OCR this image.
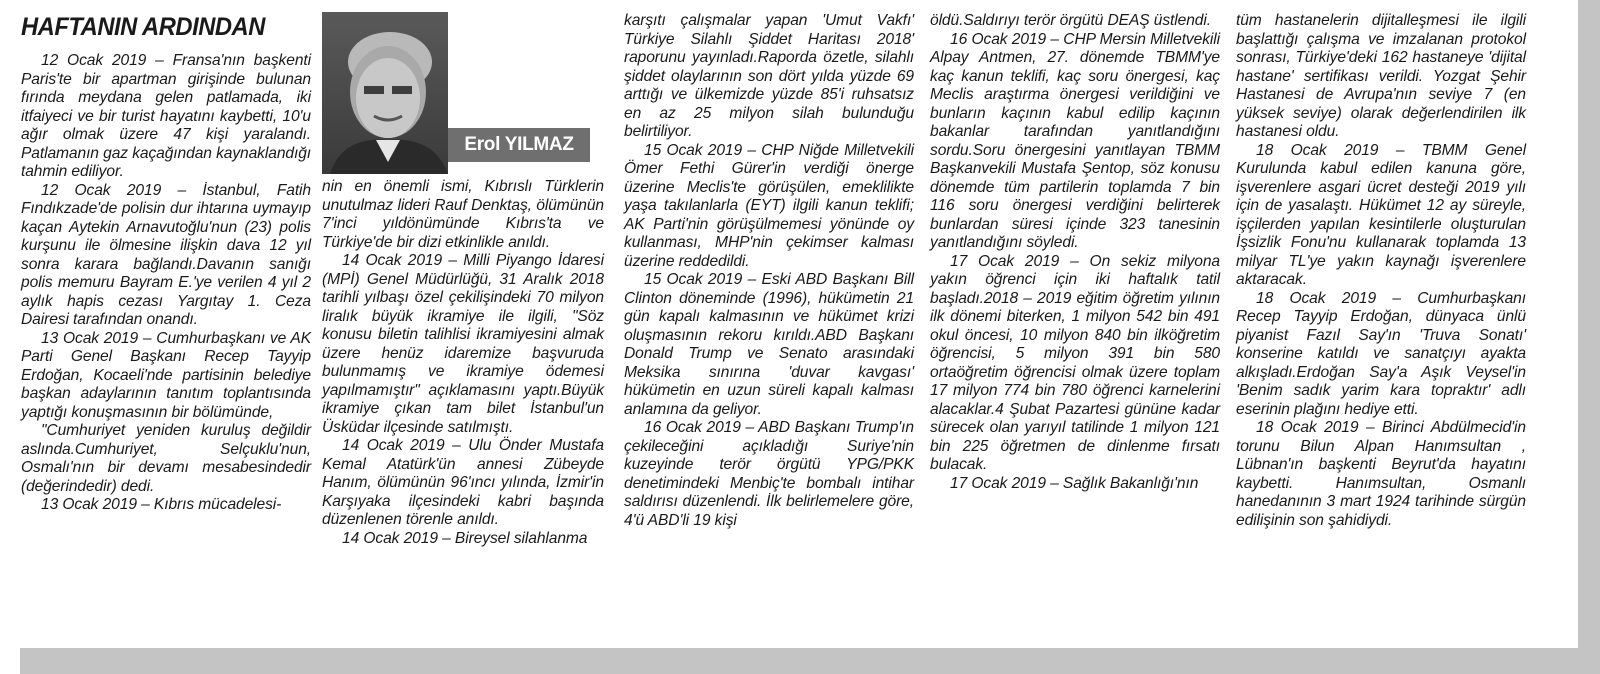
HAFTANIN ARDINDAN

12 Ocak 2019 – Fransa'nın başkenti Paris'te bir apartman girişinde bulunan fırında meydana gelen patlamada, iki itfaiyeci ve bir turist hayatını kaybetti, 10'u ağır olmak üzere 47 kişi yaralandı. Patlamanın gaz kaçağından kaynaklandığı tahmin ediliyor.

12 Ocak 2019 – İstanbul, Fatih Fındıkzade'de polisin dur ihtarına uymayıp kaçan Aytekin Arnavutoğlu'nun (23) polis kurşunu ile ölmesine ilişkin dava 12 yıl sonra karara bağlandı.Davanın sanığı polis memuru Bayram E.'ye verilen 4 yıl 2 aylık hapis cezası Yargıtay 1. Ceza Dairesi tarafından onandı.

13 Ocak 2019 – Cumhurbaşkanı ve AK Parti Genel Başkanı Recep Tayyip Erdoğan, Kocaeli'nde partisinin belediye başkan adaylarının tanıtım toplantısında yaptığı konuşmasının bir bölümünde,

"Cumhuriyet yeniden kuruluş değildir aslında.Cumhuriyet, Selçuklu'nun, Osmalı'nın bir devamı mesabesindedir (değerindedir) dedi.

13 Ocak 2019 – Kıbrıs mücadelesi-

Erol YILMAZ

nin en önemli ismi, Kıbrıslı Türklerin unutulmaz lideri Rauf Denktaş, ölümünün 7'inci yıldönümünde Kıbrıs'ta ve Türkiye'de bir dizi etkinlikle anıldı.

14 Ocak 2019 – Milli Piyango İdaresi (MPİ) Genel Müdürlüğü, 31 Aralık 2018 tarihli yılbaşı özel çekilişindeki 70 milyon liralık büyük ikramiye ile ilgili, "Söz konusu biletin talihlisi ikramiyesini almak üzere henüz idaremize başvuruda bulunmamış ve ikramiye ödemesi yapılmamıştır" açıklamasını yaptı.Büyük ikramiye çıkan tam bilet İstanbul'un Üsküdar ilçesinde satılmıştı.

14 Ocak 2019 – Ulu Önder Mustafa Kemal Atatürk'ün annesi Zübeyde Hanım, ölümünün 96'ıncı yılında, İzmir'in Karşıyaka ilçesindeki kabri başında düzenlenen törenle anıldı.

14 Ocak 2019 – Bireysel silahlanma

karşıtı çalışmalar yapan 'Umut Vakfı' Türkiye Silahlı Şiddet Haritası 2018' raporunu yayınladı.Raporda özetle, silahlı şiddet olaylarının son dört yılda yüzde 69 arttığı ve ülkemizde yüzde 85'i ruhsatsız en az 25 milyon silah bulunduğu belirtiliyor.

15 Ocak 2019 – CHP Niğde Milletvekili Ömer Fethi Gürer'in verdiği önerge üzerine Meclis'te görüşülen, emeklilikte yaşa takılanlarla (EYT) ilgili kanun teklifi; AK Parti'nin görüşülmemesi yönünde oy kullanması, MHP'nin çekimser kalması üzerine reddedildi.

15 Ocak 2019 – Eski ABD Başkanı Bill Clinton döneminde (1996), hükümetin 21 gün kapalı kalmasının ve hükümet krizi oluşmasının rekoru kırıldı.ABD Başkanı Donald Trump ve Senato arasındaki Meksika sınırına 'duvar kavgası' hükümetin en uzun süreli kapalı kalması anlamına da geliyor.

16 Ocak 2019 – ABD Başkanı Trump'ın çekileceğini açıkladığı Suriye'nin kuzeyinde terör örgütü YPG/PKK denetimindeki Menbiç'te bombalı intihar saldırısı düzenlendi. İlk belirlemelere göre, 4'ü ABD'li 19 kişi

öldü.Saldırıyı terör örgütü DEAŞ üstlendi.

16 Ocak 2019 – CHP Mersin Milletvekili Alpay Antmen, 27. dönemde TBMM'ye kaç kanun teklifi, kaç soru önergesi, kaç Meclis araştırma önergesi verildiğini ve bunların kaçının kabul edilip kaçının bakanlar tarafından yanıtlandığını sordu.Soru önergesini yanıtlayan TBMM Başkanvekili Mustafa Şentop, söz konusu dönemde tüm partilerin toplamda 7 bin 116 soru önergesi verdiğini belirterek bunlardan süresi içinde 323 tanesinin yanıtlandığını söyledi.

17 Ocak 2019 – On sekiz milyona yakın öğrenci için iki haftalık tatil başladı.2018 – 2019 eğitim öğretim yılının ilk dönemi biterken, 1 milyon 542 bin 491 okul öncesi, 10 milyon 840 bin ilköğretim öğrencisi, 5 milyon 391 bin 580 ortaöğretim öğrencisi olmak üzere toplam 17 milyon 774 bin 780 öğrenci karnelerini alacaklar.4 Şubat Pazartesi gününe kadar sürecek olan yarıyıl tatilinde 1 milyon 121 bin 225 öğretmen de dinlenme fırsatı bulacak.

17 Ocak 2019 – Sağlık Bakanlığı'nın

tüm hastanelerin dijitalleşmesi ile ilgili başlattığı çalışma ve imzalanan protokol sonrası, Türkiye'deki 162 hastaneye 'dijital hastane' sertifikası verildi. Yozgat Şehir Hastanesi de Avrupa'nın seviye 7 (en yüksek seviye) olarak değerlendirilen ilk hastanesi oldu.

18 Ocak 2019 – TBMM Genel Kurulunda kabul edilen kanuna göre, işverenlere asgari ücret desteği 2019 yılı için de yasalaştı. Hükümet 12 ay süreyle, işçilerden yapılan kesintilerle oluşturulan İşsizlik Fonu'nu kullanarak toplamda 13 milyar TL'ye yakın kaynağı işverenlere aktaracak.

18 Ocak 2019 – Cumhurbaşkanı Recep Tayyip Erdoğan, dünyaca ünlü piyanist Fazıl Say'ın 'Truva Sonatı' konserine katıldı ve sanatçıyı ayakta alkışladı.Erdoğan Say'a Aşık Veysel'in 'Benim sadık yarim kara topraktır' adlı eserinin plağını hediye etti.

18 Ocak 2019 – Birinci Abdülmecid'in torunu Bilun Alpan Hanımsultan , Lübnan'ın başkenti Beyrut'da hayatını kaybetti. Hanımsultan, Osmanlı hanedanının 3 mart 1924 tarihinde sürgün edilişinin son şahidiydi.
